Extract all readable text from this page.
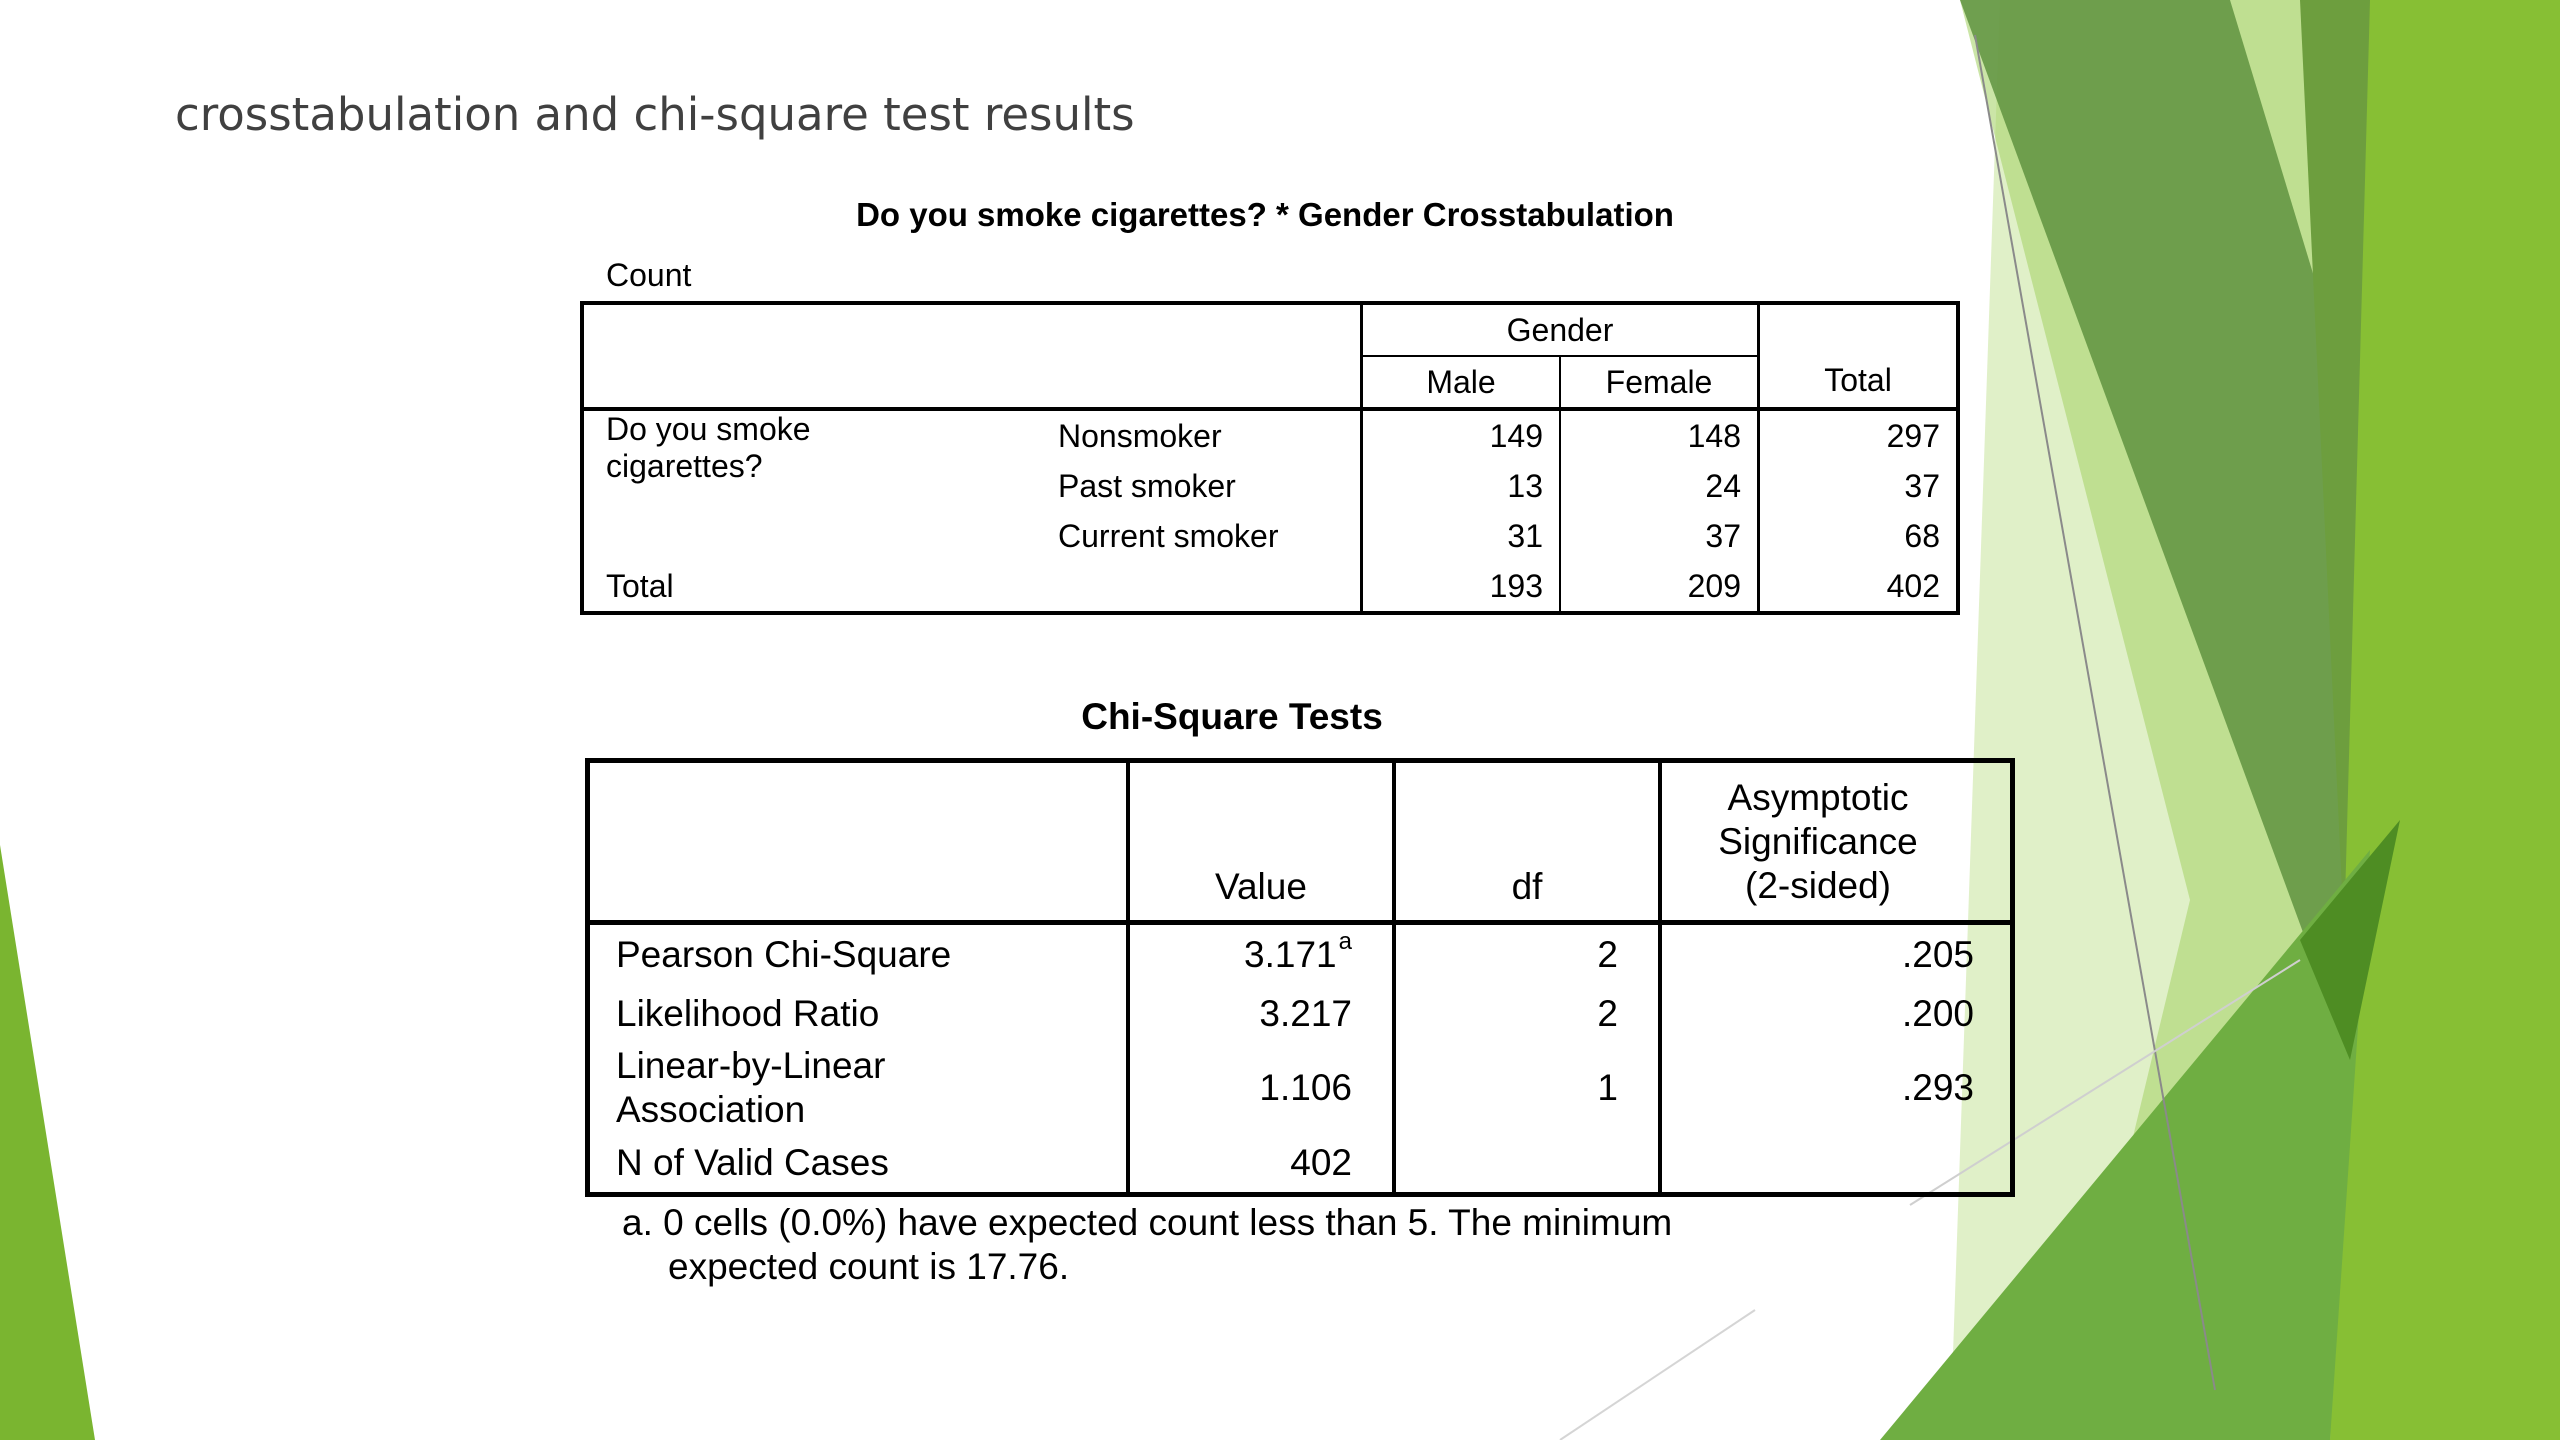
crosstabulation and chi-square test results
Do you smoke cigarettes? * Gender Crosstabulation
Count
		Gender		Total
		Male	Female	
Do you smoke
cigarettes?	Nonsmoker	149	148	297
	Past smoker	13	24	37
	Current smoker	31	37	68
Total		193	209	402
Chi-Square Tests
	Value	df	Asymptotic
Significance
(2-sided)
Pearson Chi-Square	3.171$^a$	2	.205
Likelihood Ratio	3.217	2	.200
Linear-by-Linear
Association	1.106	1	.293
N of Valid Cases	402		
a. 0 cells (0.0%) have expected count less than 5. The minimum
expected count is 17.76.
